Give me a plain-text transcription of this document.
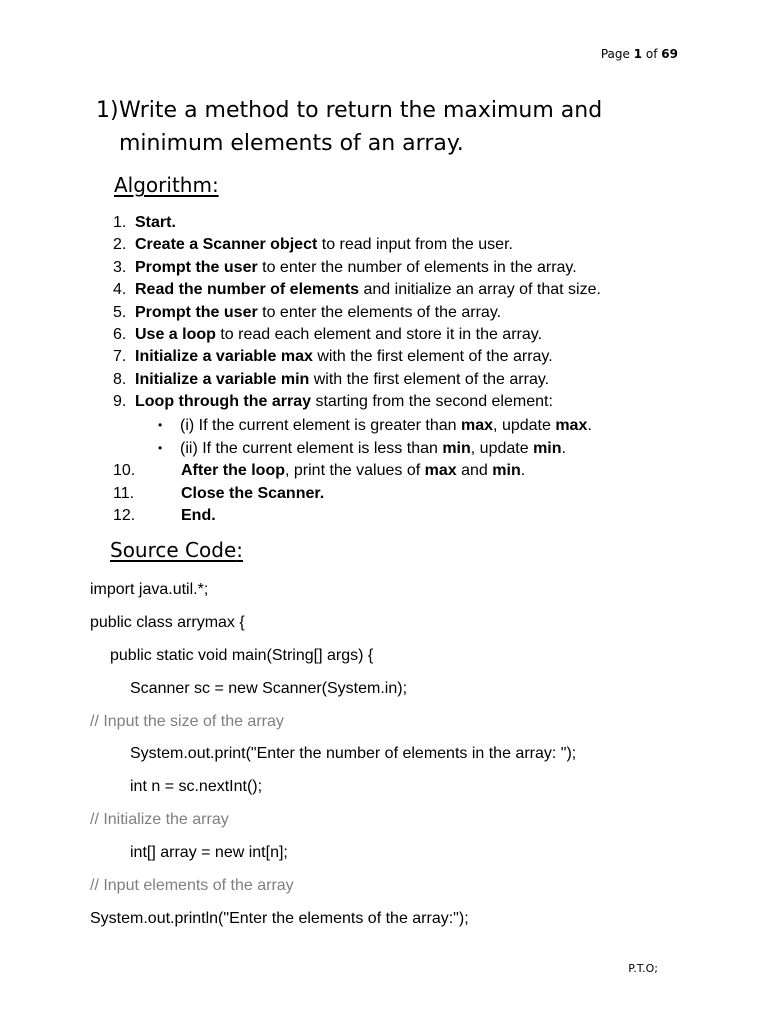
Page 1 of 69
1) Write a method to return the maximum and minimum elements of an array.
Algorithm:
1. Start.
2. Create a Scanner object to read input from the user.
3. Prompt the user to enter the number of elements in the array.
4. Read the number of elements and initialize an array of that size.
5. Prompt the user to enter the elements of the array.
6. Use a loop to read each element and store it in the array.
7. Initialize a variable max with the first element of the array.
8. Initialize a variable min with the first element of the array.
9. Loop through the array starting from the second element:
• (i) If the current element is greater than max, update max.
• (ii) If the current element is less than min, update min.
10.	After the loop, print the values of max and min.
11.	Close the Scanner.
12.	End.
Source Code:
import java.util.*;
public class arrymax {
public static void main(String[] args) {
Scanner sc = new Scanner(System.in);
// Input the size of the array
System.out.print("Enter the number of elements in the array: ");
int n = sc.nextInt();
// Initialize the array
int[] array = new int[n];
// Input elements of the array
System.out.println("Enter the elements of the array:");
P.T.O;
